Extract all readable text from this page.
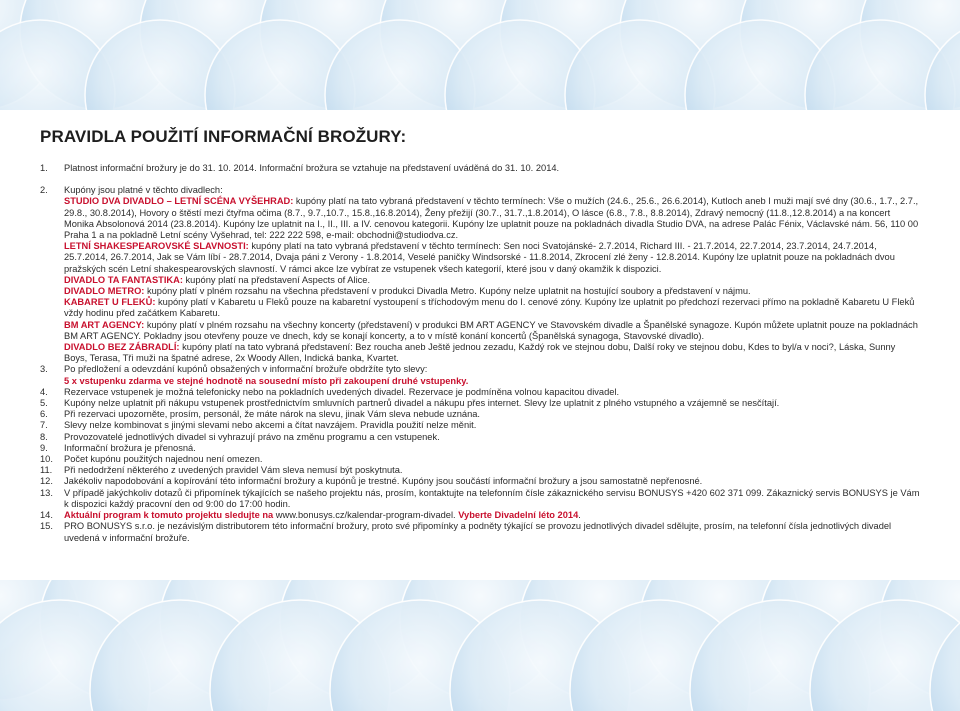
PRAVIDLA POUŽITÍ INFORMAČNÍ BROŽURY:
1. Platnost informační brožury je do 31. 10. 2014. Informační brožura se vztahuje na představení uváděná do 31. 10. 2014.
2. Kupóny jsou platné v těchto divadlech:
STUDIO DVA DIVADLO – LETNÍ SCÉNA VYŠEHRAD: kupóny platí na tato vybraná představení v těchto termínech: Vše o mužích (24.6., 25.6., 26.6.2014), Kutloch aneb I muži mají své dny (30.6., 1.7., 2.7., 29.8., 30.8.2014), Hovory o štěstí mezi čtyřma očima (8.7., 9.7.,10.7., 15.8.,16.8.2014), Ženy přežijí (30.7., 31.7.,1.8.2014), O lásce (6.8., 7.8., 8.8.2014), Zdravý nemocný (11.8.,12.8.2014) a na koncert Monika Absolonová 2014 (23.8.2014). Kupóny lze uplatnit na I., II., III. a IV. cenovou kategorii. Kupóny lze uplatnit pouze na pokladnách divadla Studio DVA, na adrese Palác Fénix, Václavské nám. 56, 110 00 Praha 1 a na pokladně Letní scény Vyšehrad, tel: 222 222 598, e-mail: obchodni@studiodva.cz.
LETNÍ SHAKESPEAROVSKÉ SLAVNOSTI: kupóny platí na tato vybraná představení v těchto termínech: Sen noci Svatojánské- 2.7.2014, Richard III. - 21.7.2014, 22.7.2014, 23.7.2014, 24.7.2014, 25.7.2014, 26.7.2014, Jak se Vám líbí - 28.7.2014, Dvaja páni z Verony - 1.8.2014, Veselé paničky Windsorské - 11.8.2014, Zkrocení zlé ženy - 12.8.2014. Kupóny lze uplatnit pouze na pokladnách dvou pražských scén Letní shakespearovských slavností. V rámci akce lze vybírat ze vstupenek všech kategorií, které jsou v daný okamžik k dispozici.
DIVADLO TA FANTASTIKA: kupóny platí na představení Aspects of Alice.
DIVADLO METRO: kupóny platí v plném rozsahu na všechna představení v produkci Divadla Metro. Kupóny nelze uplatnit na hostující soubory a představení v nájmu.
KABARET U FLEKŮ: kupóny platí v Kabaretu u Fleků pouze na kabaretní vystoupení s tříchodovým menu do I. cenové zóny. Kupóny lze uplatnit po předchozí rezervaci přímo na pokladně Kabaretu U Fleků vždy hodinu před začátkem Kabaretu.
BM ART AGENCY: kupóny platí v plném rozsahu na všechny koncerty (představení) v produkci BM ART AGENCY ve Stavovském divadle a Španělské synagoze. Kupón můžete uplatnit pouze na pokladnách BM ART AGENCY. Pokladny jsou otevřeny pouze ve dnech, kdy se konají koncerty, a to v místě konání koncertů (Španělská synagoga, Stavovské divadlo).
DIVADLO BEZ ZÁBRADLÍ: kupóny platí na tato vybraná představení: Bez roucha aneb Ještě jednou zezadu, Každý rok ve stejnou dobu, Další roky ve stejnou dobu, Kdes to byl/a v noci?, Láska, Sunny Boys, Terasa, Tři muži na špatné adrese, 2x Woody Allen, Indická banka, Kvartet.
3. Po předložení a odevzdání kupónů obsažených v informační brožuře obdržíte tyto slevy:
5 x vstupenku zdarma ve stejné hodnotě na sousední místo při zakoupení druhé vstupenky.
4. Rezervace vstupenek je možná telefonicky nebo na pokladních uvedených divadel. Rezervace je podmíněna volnou kapacitou divadel.
5. Kupóny nelze uplatnit při nákupu vstupenek prostřednictvím smluvních partnerů divadel a nákupu přes internet. Slevy lze uplatnit z plného vstupného a vzájemně se nesčítají.
6. Při rezervaci upozorněte, prosím, personál, že máte nárok na slevu, jinak Vám sleva nebude uznána.
7. Slevy nelze kombinovat s jinými slevami nebo akcemi a čítat navzájem. Pravidla použití nelze měnit.
8. Provozovatelé jednotlivých divadel si vyhrazují právo na změnu programu a cen vstupenek.
9. Informační brožura je přenosná.
10. Počet kupónu použitých najednou není omezen.
11. Při nedodržení některého z uvedených pravidel Vám sleva nemusí být poskytnuta.
12. Jakékoliv napodobování a kopírování této informační brožury a kupónů je trestné. Kupóny jsou součástí informační brožury a jsou samostatně nepřenosné.
13. V případě jakýchkoliv dotazů či připomínek týkajících se našeho projektu nás, prosím, kontaktujte na telefonním čísle zákaznického servisu BONUSYS +420 602 371 099. Zákaznický servis BONUSYS je Vám k dispozici každý pracovní den od 9:00 do 17:00 hodin.
14. Aktuální program k tomuto projektu sledujte na www.bonusys.cz/kalendar-program-divadel. Vyberte Divadelní léto 2014.
15. PRO BONUSYS s.r.o. je nezávislým distributorem této informační brožury, proto své připomínky a podněty týkající se provozu jednotlivých divadel sdělujte, prosím, na telefonní čísla jednotlivých divadel uvedená v informační brožuře.
